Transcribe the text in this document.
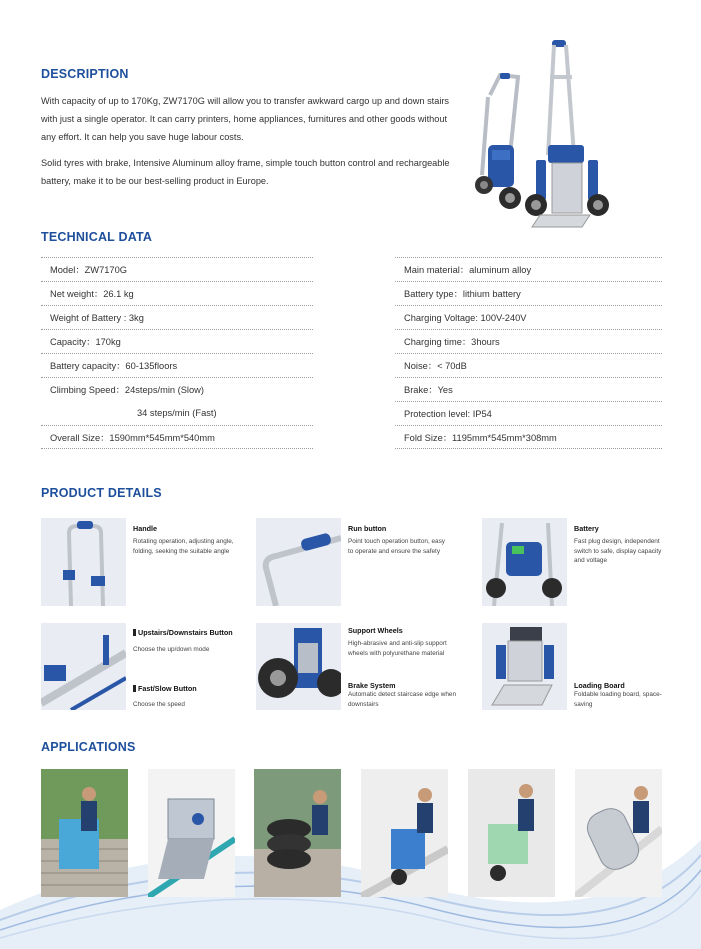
DESCRIPTION
With capacity of up to 170Kg, ZW7170G will allow you to transfer awkward cargo up and down stairs with just a single operator. It can carry printers, home appliances, furnitures and other goods without any effort. It can help you save huge labour costs.
Solid tyres with brake, Intensive Aluminum alloy frame, simple touch button control and rechargeable battery, make it to be our best-selling product in Europe.
TECHNICAL DATA
Model：ZW7170G
Net weight：26.1 kg
Weight of Battery : 3kg
Capacity：170kg
Battery capacity：60-135floors
Climbing Speed：24steps/min (Slow)
34 steps/min (Fast)
Overall Size：1590mm*545mm*540mm
Main material：aluminum alloy
Battery type：lithium battery
Charging Voltage: 100V-240V
Charging time：3hours
Noise：< 70dB
Brake：Yes
Protection level: IP54
Fold Size：1195mm*545mm*308mm
PRODUCT DETAILS
Handle
Rotating operation, adjusting angle, folding, seeking the suitable angle
Run button
Point touch operation button, easy to operate and ensure the safety
Battery
Fast plug design, independent switch to safe, display capacity and voltage
Upstairs/Downstairs Button
Choose the up/down mode
Fast/Slow Button
Choose the speed
Support Wheels
High-abrasive and anti-slip support wheels with polyurethane material
Brake System
Automatic detect staircase edge when downstairs
Loading Board
Foldable loading board, space-saving
APPLICATIONS
